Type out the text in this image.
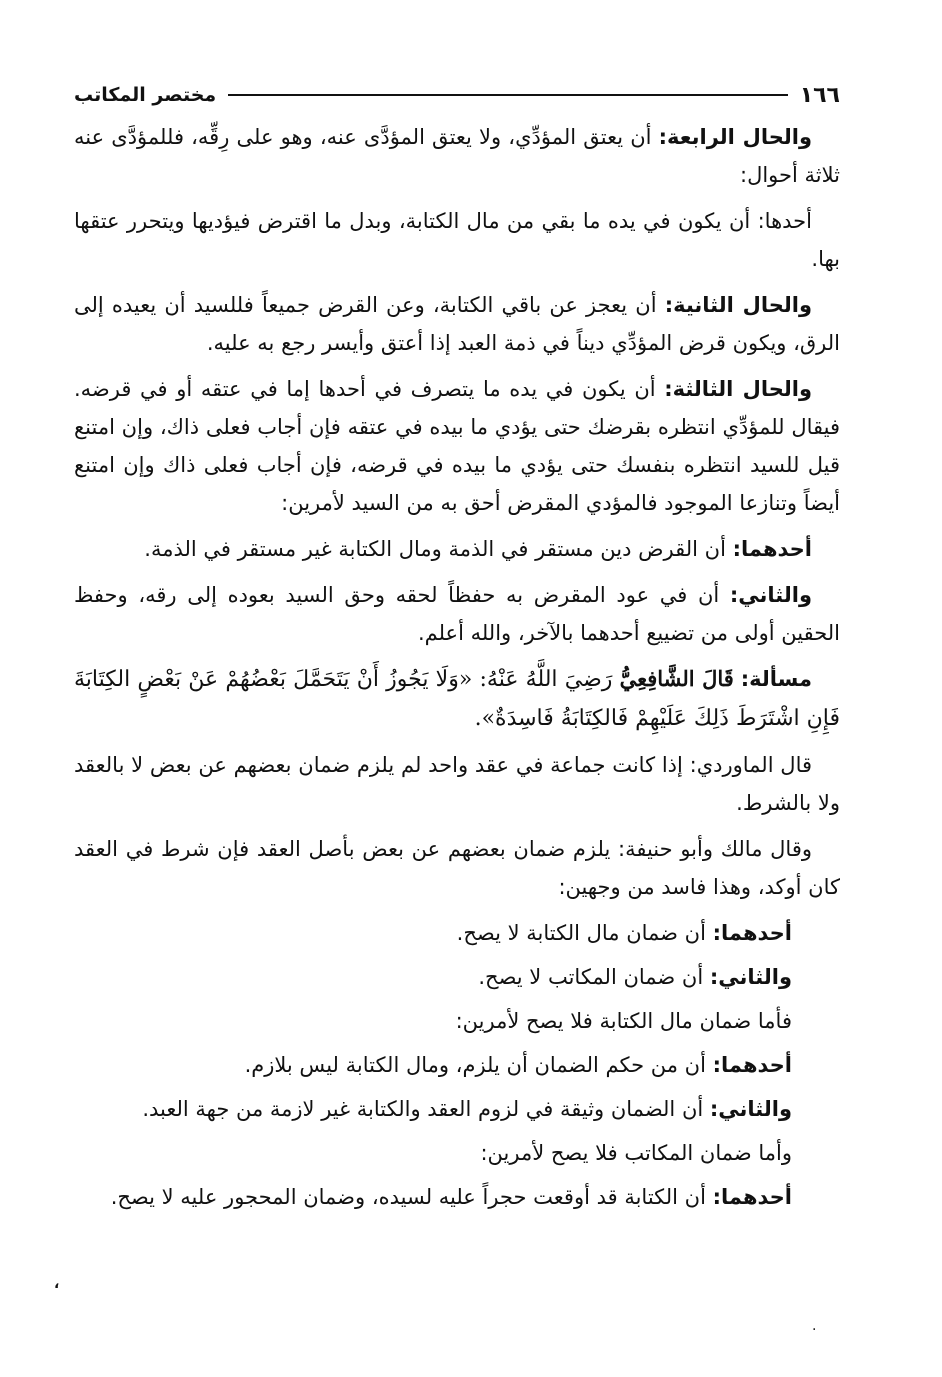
١٦٦
مختصر المكاتب

والحال الرابعة: أن يعتق المؤدِّي، ولا يعتق المؤدَّى عنه، وهو على رِقِّه، فللمؤدَّى عنه ثلاثة أحوال:

أحدها: أن يكون في يده ما بقي من مال الكتابة، وبدل ما اقترض فيؤديها ويتحرر عتقها بها.

والحال الثانية: أن يعجز عن باقي الكتابة، وعن القرض جميعاً فللسيد أن يعيده إلى الرق، ويكون قرض المؤدِّي ديناً في ذمة العبد إذا أعتق وأيسر رجع به عليه.

والحال الثالثة: أن يكون في يده ما يتصرف في أحدها إما في عتقه أو في قرضه. فيقال للمؤدِّي انتظره بقرضك حتى يؤدي ما بيده في عتقه فإن أجاب فعلى ذاك، وإن امتنع قيل للسيد انتظره بنفسك حتى يؤدي ما بيده في قرضه، فإن أجاب فعلى ذاك وإن امتنع أيضاً وتنازعا الموجود فالمؤدي المقرض أحق به من السيد لأمرين:

أحدهما: أن القرض دين مستقر في الذمة ومال الكتابة غير مستقر في الذمة.

والثاني: أن في عود المقرض به حفظاً لحقه وحق السيد بعوده إلى رقه، وحفظ الحقين أولى من تضييع أحدهما بالآخر، والله أعلم.

مسألة: قَالَ الشَّافِعِيُّ رَضِيَ اللَّهُ عَنْهُ: «وَلَا يَجُوزُ أَنْ يَتَحَمَّلَ بَعْضُهُمْ عَنْ بَعْضٍ الكِتَابَةَ فَإِنِ اشْتَرَطَ ذَلِكَ عَلَيْهِمْ فَالكِتَابَةُ فَاسِدَةٌ».

قال الماوردي: إذا كانت جماعة في عقد واحد لم يلزم ضمان بعضهم عن بعض لا بالعقد ولا بالشرط.

وقال مالك وأبو حنيفة: يلزم ضمان بعضهم عن بعض بأصل العقد فإن شرط في العقد كان أوكد، وهذا فاسد من وجهين:

أحدهما: أن ضمان مال الكتابة لا يصح.

والثاني: أن ضمان المكاتب لا يصح.

فأما ضمان مال الكتابة فلا يصح لأمرين:

أحدهما: أن من حكم الضمان أن يلزم، ومال الكتابة ليس بلازم.

والثاني: أن الضمان وثيقة في لزوم العقد والكتابة غير لازمة من جهة العبد.

وأما ضمان المكاتب فلا يصح لأمرين:

أحدهما: أن الكتابة قد أوقعت حجراً عليه لسيده، وضمان المحجور عليه لا يصح.

،
.
